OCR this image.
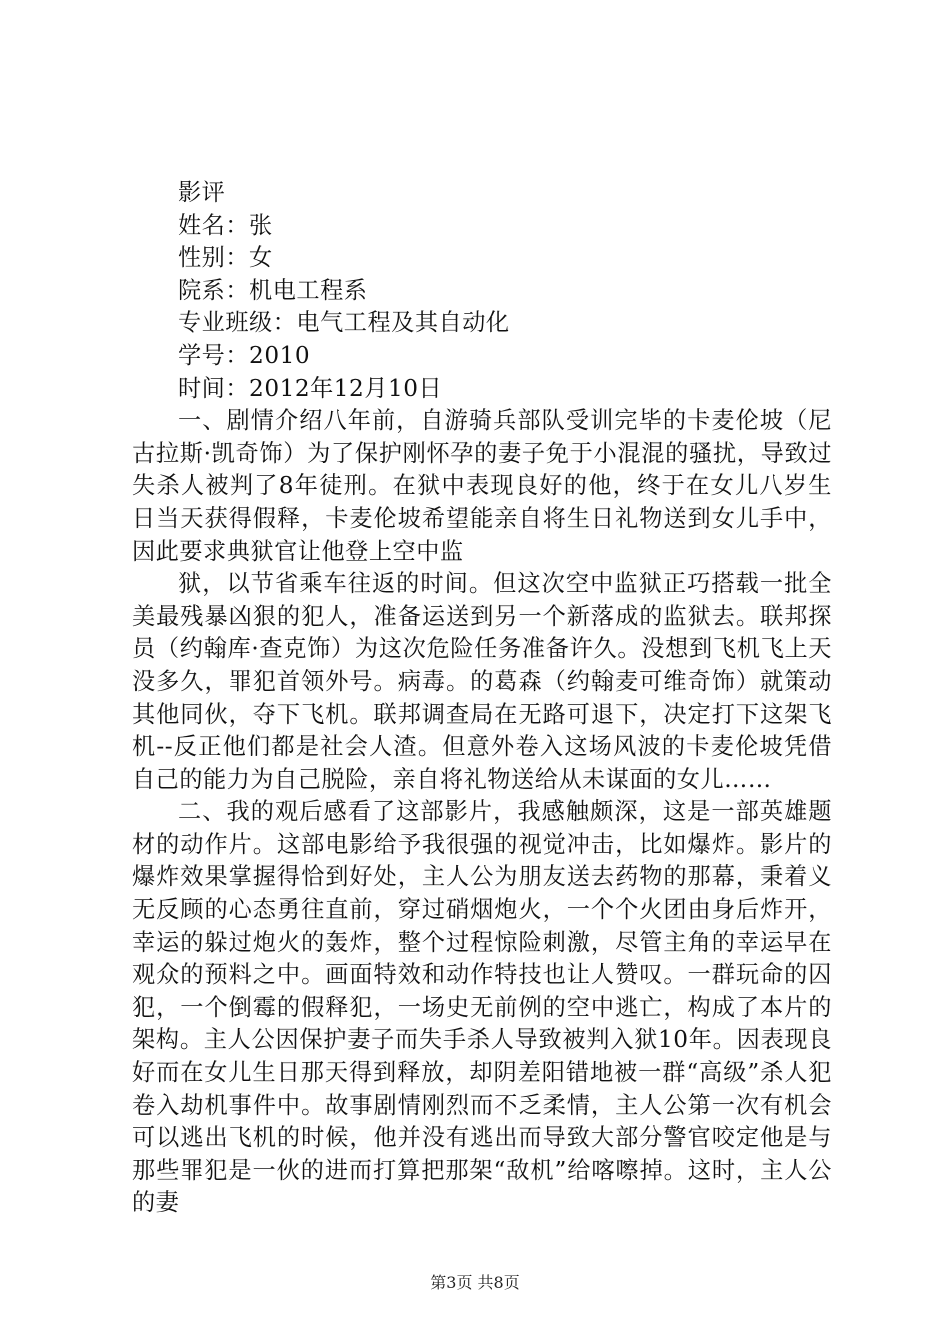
影评

姓名：张

性别：女

院系：机电工程系

专业班级：电气工程及其自动化

学号：2010

时间：2012年12月10日

一、剧情介绍八年前，自游骑兵部队受训完毕的卡麦伦坡（尼古拉斯·凯奇饰）为了保护刚怀孕的妻子免于小混混的骚扰，导致过失杀人被判了8年徒刑。在狱中表现良好的他，终于在女儿八岁生日当天获得假释，卡麦伦坡希望能亲自将生日礼物送到女儿手中，因此要求典狱官让他登上空中监

狱，以节省乘车往返的时间。但这次空中监狱正巧搭载一批全美最残暴凶狠的犯人，准备运送到另一个新落成的监狱去。联邦探员（约翰库·查克饰）为这次危险任务准备许久。没想到飞机飞上天没多久，罪犯首领外号。病毒。的葛森（约翰麦可维奇饰）就策动其他同伙，夺下飞机。联邦调查局在无路可退下，决定打下这架飞机--反正他们都是社会人渣。但意外卷入这场风波的卡麦伦坡凭借自己的能力为自己脱险，亲自将礼物送给从未谋面的女儿……

二、我的观后感看了这部影片，我感触颇深，这是一部英雄题材的动作片。这部电影给予我很强的视觉冲击，比如爆炸。影片的爆炸效果掌握得恰到好处，主人公为朋友送去药物的那幕，秉着义无反顾的心态勇往直前，穿过硝烟炮火，一个个火团由身后炸开，幸运的躲过炮火的轰炸，整个过程惊险刺激，尽管主角的幸运早在观众的预料之中。画面特效和动作特技也让人赞叹。一群玩命的囚犯，一个倒霉的假释犯，一场史无前例的空中逃亡，构成了本片的架构。主人公因保护妻子而失手杀人导致被判入狱10年。因表现良好而在女儿生日那天得到释放，却阴差阳错地被一群“高级”杀人犯卷入劫机事件中。故事剧情刚烈而不乏柔情，主人公第一次有机会可以逃出飞机的时候，他并没有逃出而导致大部分警官咬定他是与那些罪犯是一伙的进而打算把那架“敌机”给喀嚓掉。这时，主人公的妻

第3页 共8页
